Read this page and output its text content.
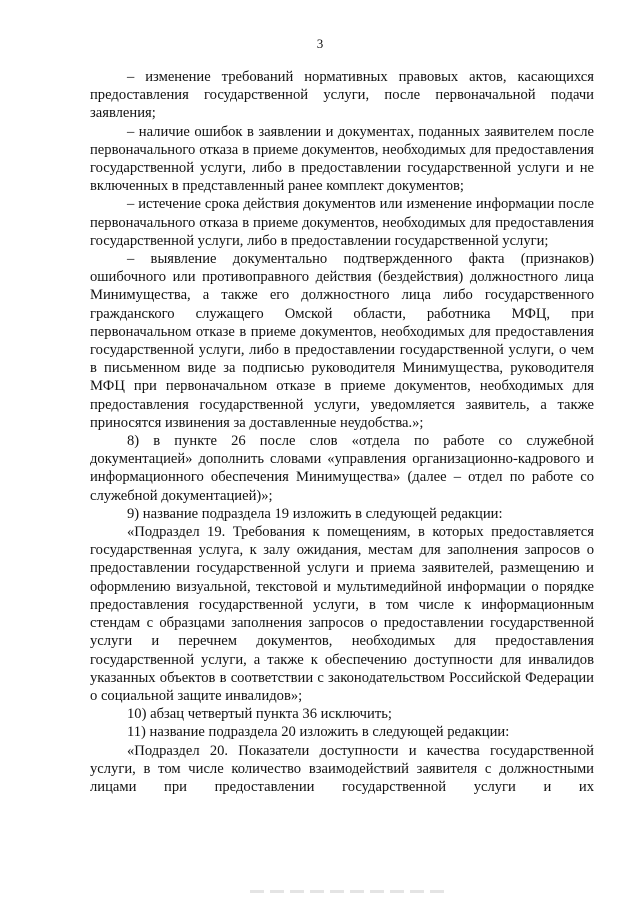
3

– изменение требований нормативных правовых актов, касающихся предоставления государственной услуги, после первоначальной подачи заявления;

– наличие ошибок в заявлении и документах, поданных заявителем после первоначального отказа в приеме документов, необходимых для предоставления государственной услуги, либо в предоставлении государственной услуги и не включенных в представленный ранее комплект документов;

– истечение срока действия документов или изменение информации после первоначального отказа в приеме документов, необходимых для предоставления государственной услуги, либо в предоставлении государственной услуги;

– выявление документально подтвержденного факта (признаков) ошибочного или противоправного действия (бездействия) должностного лица Минимущества, а также его должностного лица либо государственного гражданского служащего Омской области, работника МФЦ, при первоначальном отказе в приеме документов, необходимых для предоставления государственной услуги, либо в предоставлении государственной услуги, о чем в письменном виде за подписью руководителя Минимущества, руководителя МФЦ при первоначальном отказе в приеме документов, необходимых для предоставления государственной услуги, уведомляется заявитель, а также приносятся извинения за доставленные неудобства.»;

8) в пункте 26 после слов «отдела по работе со служебной документацией» дополнить словами «управления организационно-кадрового и информационного обеспечения Минимущества» (далее – отдел по работе со служебной документацией)»;

9) название подраздела 19 изложить в следующей редакции:

«Подраздел 19. Требования к помещениям, в которых предоставляется государственная услуга, к залу ожидания, местам для заполнения запросов о предоставлении государственной услуги и приема заявителей, размещению и оформлению визуальной, текстовой и мультимедийной информации о порядке предоставления государственной услуги, в том числе к информационным стендам с образцами заполнения запросов о предоставлении государственной услуги и перечнем документов, необходимых для предоставления государственной услуги, а также к обеспечению доступности для инвалидов указанных объектов в соответствии с законодательством Российской Федерации о социальной защите инвалидов»;

10) абзац четвертый пункта 36 исключить;

11) название подраздела 20 изложить в следующей редакции:

«Подраздел 20. Показатели доступности и качества государственной услуги, в том числе количество взаимодействий заявителя с должностными лицами при предоставлении государственной услуги и их
